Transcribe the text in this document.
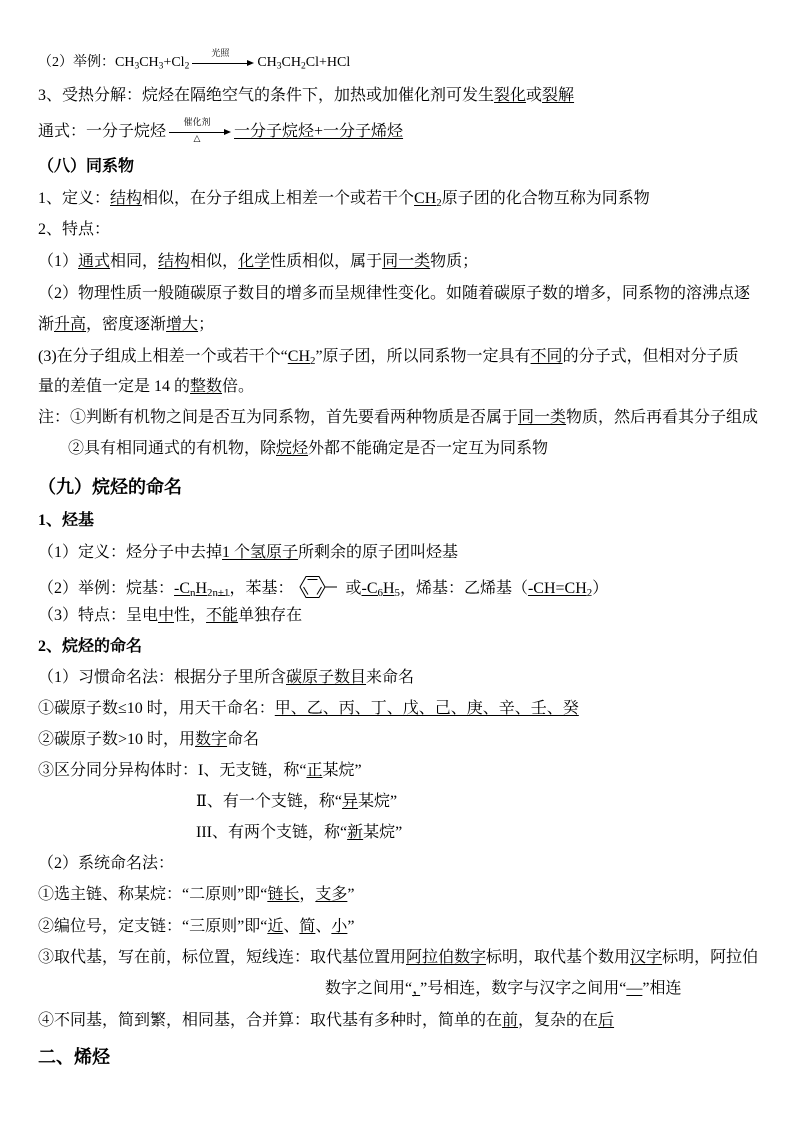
（2）举例：$CH_3CH_3+Cl_2$
光照
$CH_3CH_2Cl+HCl$
3、受热分解：烷烃在隔绝空气的条件下，加热或加催化剂可发生裂化或裂解
通式：一分子烷烃	催化剂
△	一分子烷烃+一分子烯烃
（八）同系物
1、定义：结构相似，在分子组成上相差一个或若干个$CH_2$原子团的化合物互称为同系物
2、特点：
（1）通式相同，结构相似，化学性质相似，属于同一类物质；
（2）物理性质一般随碳原子数目的增多而呈规律性变化。如随着碳原子数的增多，同系物的溶沸点逐
渐升高，密度逐渐增大；
(3)在分子组成上相差一个或若干个“$CH_2$”原子团，所以同系物一定具有不同的分子式，但相对分子质
量的差值一定是 14 的整数倍。
注：①判断有机物之间是否互为同系物，首先要看两种物质是否属于同一类物质，然后再看其分子组成
②具有相同通式的有机物，除烷烃外都不能确定是否一定互为同系物
（九）烷烃的命名
1、烃基
（1）定义：烃分子中去掉1 个氢原子所剩余的原子团叫烃基
（2）举例：烷基：$-C_nH_{2n+1}$，苯基：	或$-C_6H_5$，烯基：乙烯基$(-CH=CH_2)$
（3）特点：呈电中性，不能单独存在
2、烷烃的命名
（1）习惯命名法：根据分子里所含碳原子数目来命名
①碳原子数≤10 时，用天干命名：甲、乙、丙、丁、戊、己、庚、辛、壬、癸
②碳原子数>10 时，用数字命名
③区分同分异构体时：I、无支链，称“正某烷”
Ⅱ、有一个支链，称“异某烷”
III、有两个支链，称“新某烷”
（2）系统命名法：
①选主链、称某烷：“二原则”即“链长，支多”
②编位号，定支链：“三原则”即“近、简、小”
③取代基，写在前，标位置，短线连：取代基位置用阿拉伯数字标明，取代基个数用汉字标明，阿拉伯
数字之间用“，”号相连，数字与汉字之间用“—”相连
④不同基，简到繁，相同基，合并算：取代基有多种时，简单的在前，复杂的在后
二、烯烃
